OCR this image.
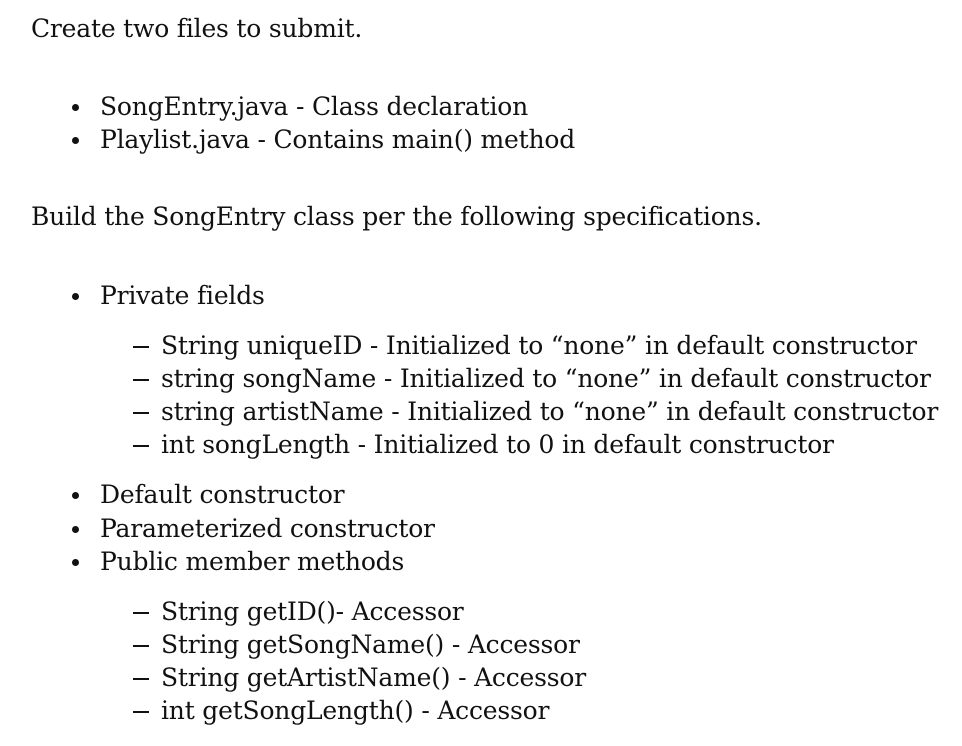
Create two files to submit.
SongEntry.java - Class declaration
Playlist.java - Contains main() method
Build the SongEntry class per the following specifications.
Private fields
String uniqueID - Initialized to “none” in default constructor
string songName - Initialized to “none” in default constructor
string artistName - Initialized to “none” in default constructor
int songLength - Initialized to 0 in default constructor
Default constructor
Parameterized constructor
Public member methods
String getID()- Accessor
String getSongName() - Accessor
String getArtistName() - Accessor
int getSongLength() - Accessor
